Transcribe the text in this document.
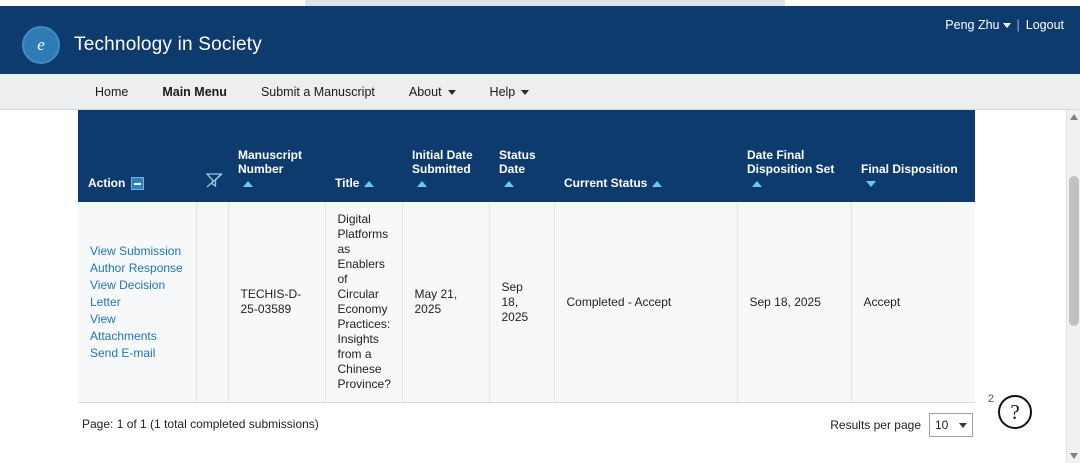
e Technology in Society
Peng Zhu	| Logout
Home	Main Menu	Submit a Manuscript	About	Help
Action		Manuscript Number	Title	Initial Date Submitted	Status Date	Current Status	Date Final Disposition Set	Final Disposition

View Submission
Author Response
View Decision Letter
View Attachments
Send E-mail		TECHIS-D-25-03589	Digital Platforms as Enablers of Circular Economy Practices: Insights from a Chinese Province?	May 21, 2025	Sep 18, 2025	Completed - Accept	Sep 18, 2025	Accept
Page: 1 of 1 (1 total completed submissions)	Results per page 10
2
?
